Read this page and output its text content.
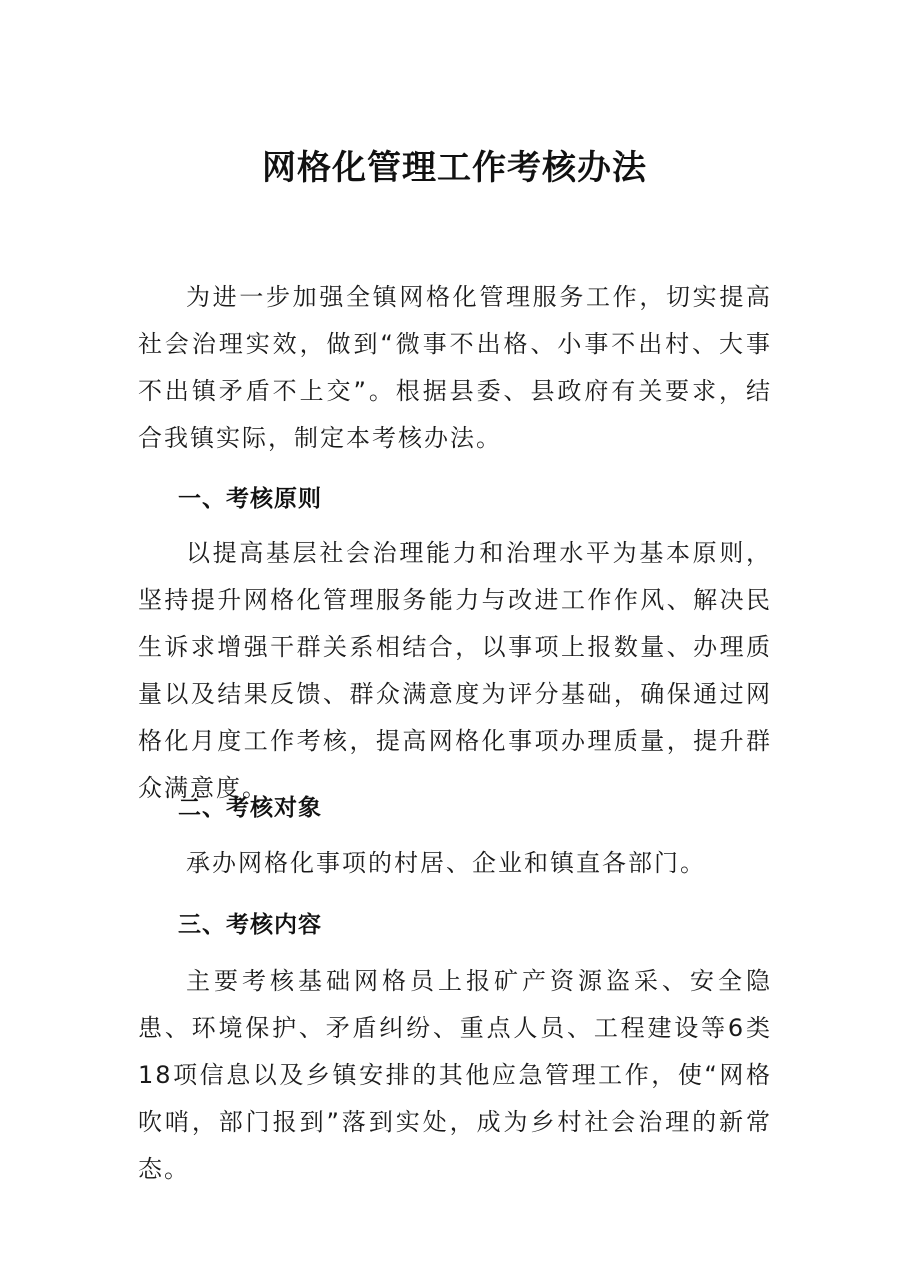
网格化管理工作考核办法

为进一步加强全镇网格化管理服务工作，切实提高社会治理实效，做到“微事不出格、小事不出村、大事不出镇矛盾不上交”。根据县委、县政府有关要求，结合我镇实际，制定本考核办法。

一、考核原则

以提高基层社会治理能力和治理水平为基本原则，坚持提升网格化管理服务能力与改进工作作风、解决民生诉求增强干群关系相结合，以事项上报数量、办理质量以及结果反馈、群众满意度为评分基础，确保通过网格化月度工作考核，提高网格化事项办理质量，提升群众满意度。

二、考核对象

承办网格化事项的村居、企业和镇直各部门。

三、考核内容

主要考核基础网格员上报矿产资源盗采、安全隐患、环境保护、矛盾纠纷、重点人员、工程建设等6类18项信息以及乡镇安排的其他应急管理工作，使“网格吹哨，部门报到”落到实处，成为乡村社会治理的新常态。
